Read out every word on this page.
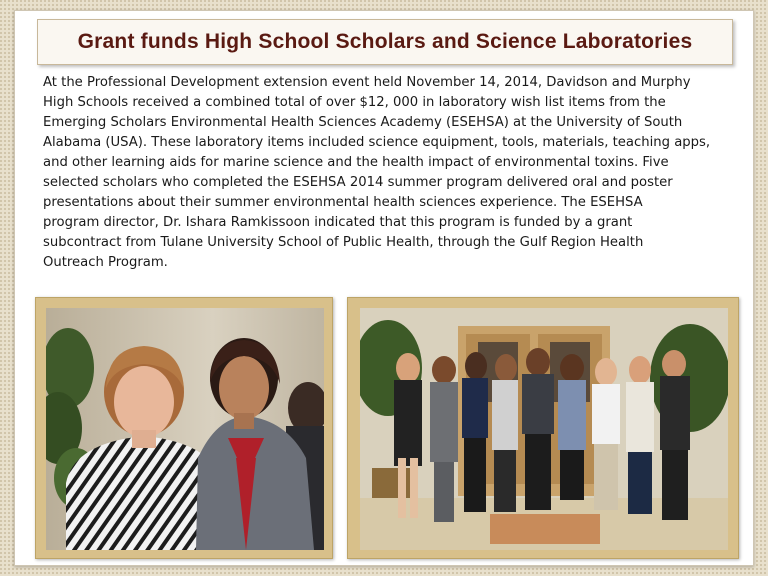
Grant funds High School Scholars and Science Laboratories
At the Professional Development extension event held November 14, 2014, Davidson and Murphy
High Schools received a combined total of over $12, 000 in laboratory wish list items from the
Emerging Scholars Environmental Health Sciences Academy (ESEHSA) at the University of South
Alabama (USA). These laboratory items included science equipment, tools, materials, teaching apps,
and other learning aids for marine science and the health impact of environmental toxins. Five
selected scholars who completed the ESEHSA 2014 summer program delivered oral and poster
presentations about their summer environmental health sciences experience. The ESEHSA
program director, Dr. Ishara Ramkissoon indicated that this program is funded by a grant
subcontract from Tulane University School of Public Health, through the Gulf Region Health
Outreach Program.
